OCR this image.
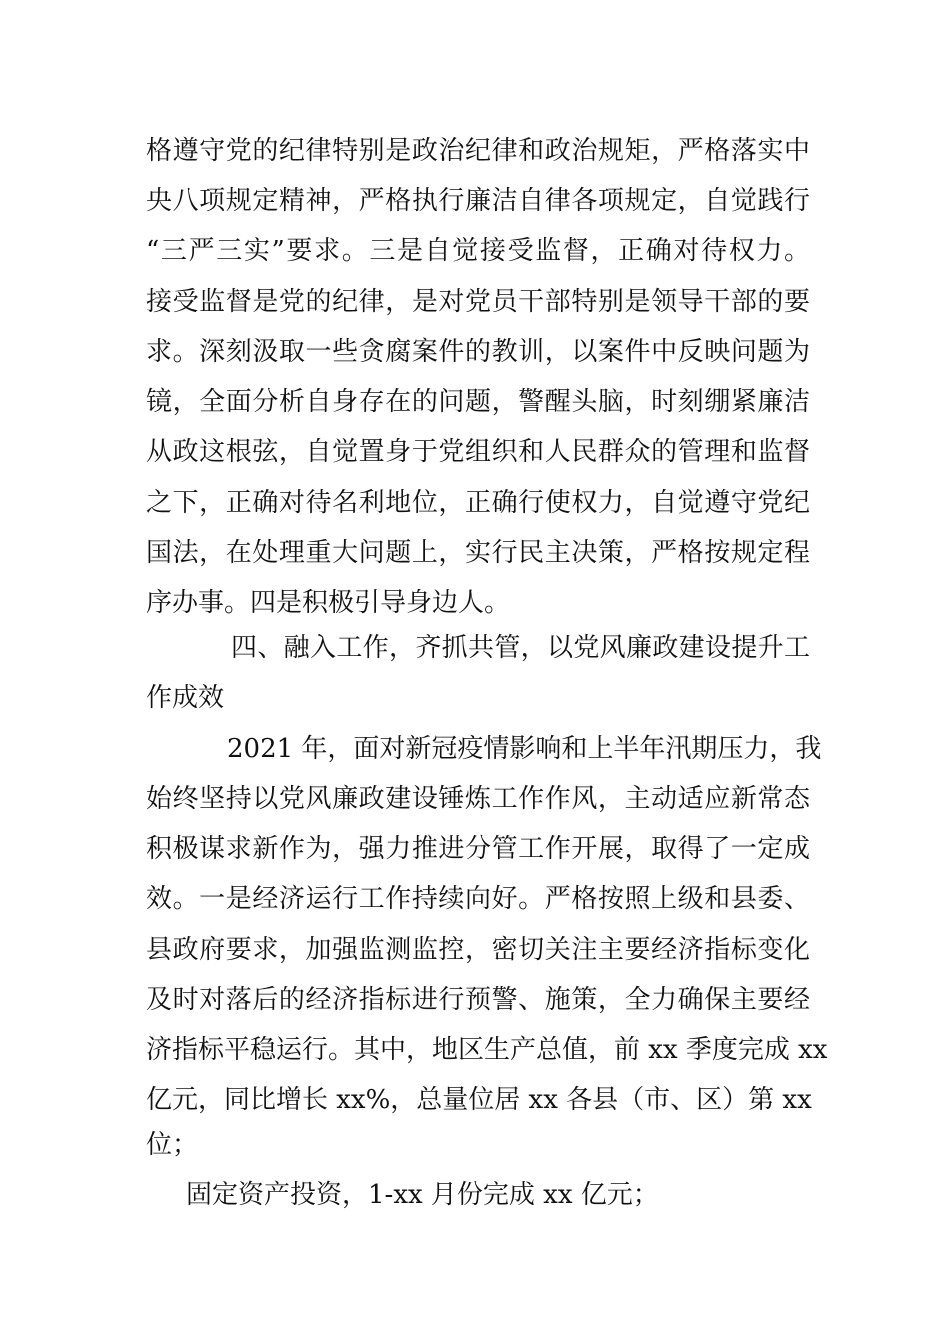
格遵守党的纪律特别是政治纪律和政治规矩，严格落实中
央八项规定精神，严格执行廉洁自律各项规定，自觉践行
“三严三实”要求。三是自觉接受监督，正确对待权力。
接受监督是党的纪律，是对党员干部特别是领导干部的要
求。深刻汲取一些贪腐案件的教训，以案件中反映问题为
镜，全面分析自身存在的问题，警醒头脑，时刻绷紧廉洁
从政这根弦，自觉置身于党组织和人民群众的管理和监督
之下，正确对待名利地位，正确行使权力，自觉遵守党纪
国法，在处理重大问题上，实行民主决策，严格按规定程
序办事。四是积极引导身边人。
四、融入工作，齐抓共管，以党风廉政建设提升工
作成效
2021 年，面对新冠疫情影响和上半年汛期压力，我
始终坚持以党风廉政建设锤炼工作作风，主动适应新常态
积极谋求新作为，强力推进分管工作开展，取得了一定成
效。一是经济运行工作持续向好。严格按照上级和县委、
县政府要求，加强监测监控，密切关注主要经济指标变化
及时对落后的经济指标进行预警、施策，全力确保主要经
济指标平稳运行。其中，地区生产总值，前 xx 季度完成 xx
亿元，同比增长 xx%，总量位居 xx 各县（市、区）第 xx
位；
固定资产投资，1-xx 月份完成 xx 亿元；
